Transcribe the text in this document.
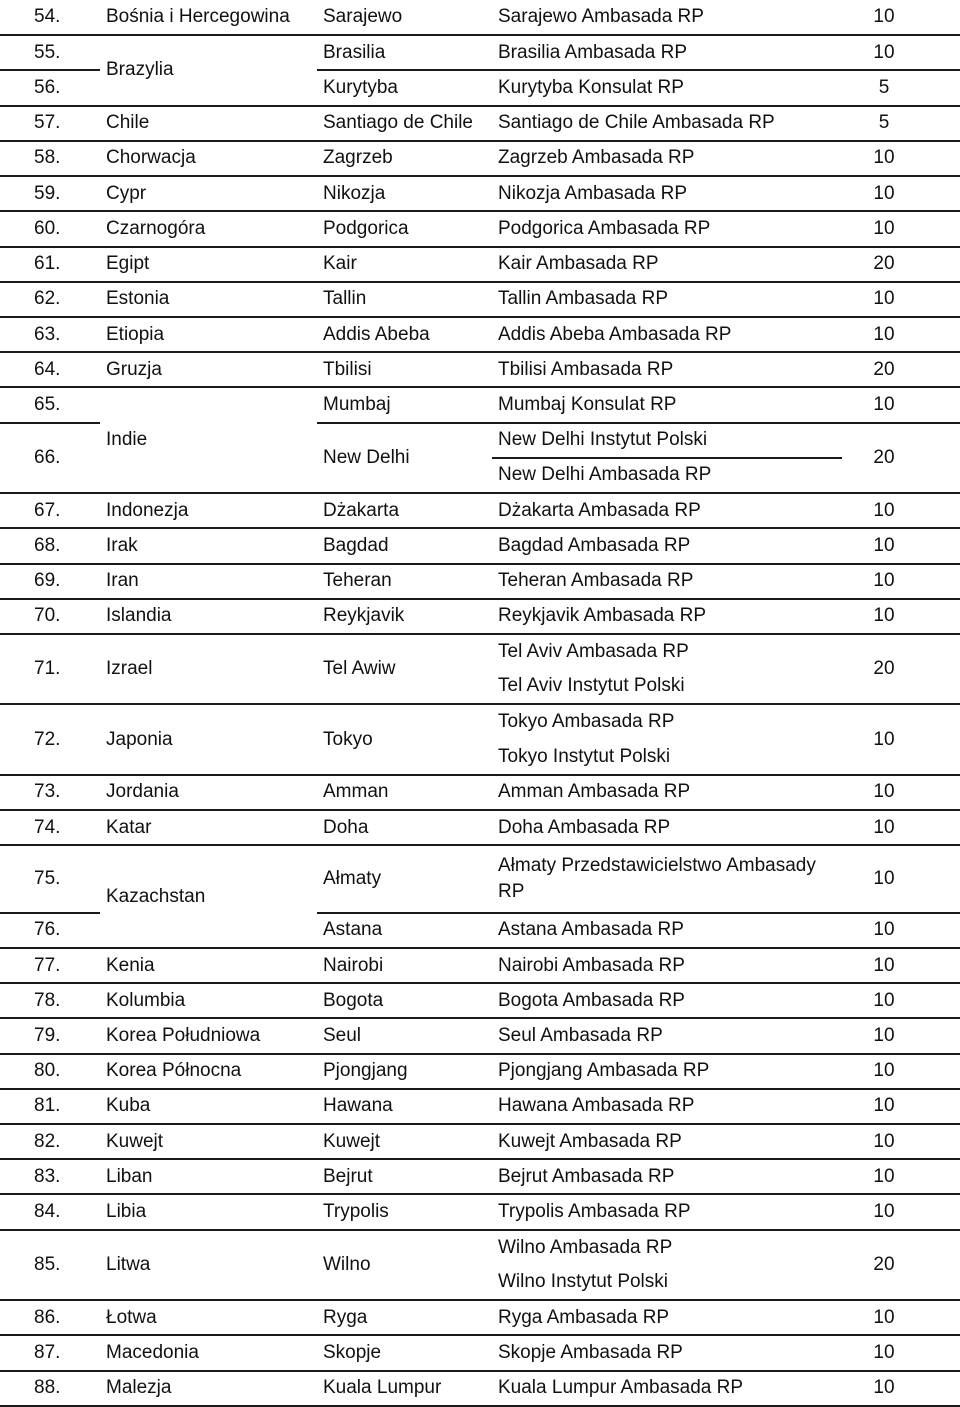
54.	Bośnia i Hercegowina	Sarajewo	Sarajewo Ambasada RP	10
55.	Brazylia	Brasilia	Brasilia Ambasada RP	10
56.		Kurytyba	Kurytyba Konsulat RP	5
57.	Chile	Santiago de Chile	Santiago de Chile Ambasada RP	5
58.	Chorwacja	Zagrzeb	Zagrzeb Ambasada RP	10
59.	Cypr	Nikozja	Nikozja Ambasada RP	10
60.	Czarnogóra	Podgorica	Podgorica Ambasada RP	10
61.	Egipt	Kair	Kair Ambasada RP	20
62.	Estonia	Tallin	Tallin Ambasada RP	10
63.	Etiopia	Addis Abeba	Addis Abeba Ambasada RP	10
64.	Gruzja	Tbilisi	Tbilisi Ambasada RP	20
65.	Indie	Mumbaj	Mumbaj Konsulat RP	10
66.		New Delhi	New Delhi Instytut Polski	20
			New Delhi Ambasada RP	
67.	Indonezja	Dżakarta	Dżakarta Ambasada RP	10
68.	Irak	Bagdad	Bagdad Ambasada RP	10
69.	Iran	Teheran	Teheran Ambasada RP	10
70.	Islandia	Reykjavik	Reykjavik Ambasada RP	10
71.	Izrael	Tel Awiw	Tel Aviv Ambasada RP	20
			Tel Aviv Instytut Polski	
72.	Japonia	Tokyo	Tokyo Ambasada RP	10
			Tokyo Instytut Polski	
73.	Jordania	Amman	Amman Ambasada RP	10
74.	Katar	Doha	Doha Ambasada RP	10
75.	Kazachstan	Ałmaty	Ałmaty Przedstawicielstwo Ambasady RP	10
76.		Astana	Astana Ambasada RP	10
77.	Kenia	Nairobi	Nairobi Ambasada RP	10
78.	Kolumbia	Bogota	Bogota Ambasada RP	10
79.	Korea Południowa	Seul	Seul Ambasada RP	10
80.	Korea Północna	Pjongjang	Pjongjang Ambasada RP	10
81.	Kuba	Hawana	Hawana Ambasada RP	10
82.	Kuwejt	Kuwejt	Kuwejt Ambasada RP	10
83.	Liban	Bejrut	Bejrut Ambasada RP	10
84.	Libia	Trypolis	Trypolis Ambasada RP	10
85.	Litwa	Wilno	Wilno Ambasada RP	20
			Wilno Instytut Polski	
86.	Łotwa	Ryga	Ryga Ambasada RP	10
87.	Macedonia	Skopje	Skopje Ambasada RP	10
88.	Malezja	Kuala Lumpur	Kuala Lumpur Ambasada RP	10
